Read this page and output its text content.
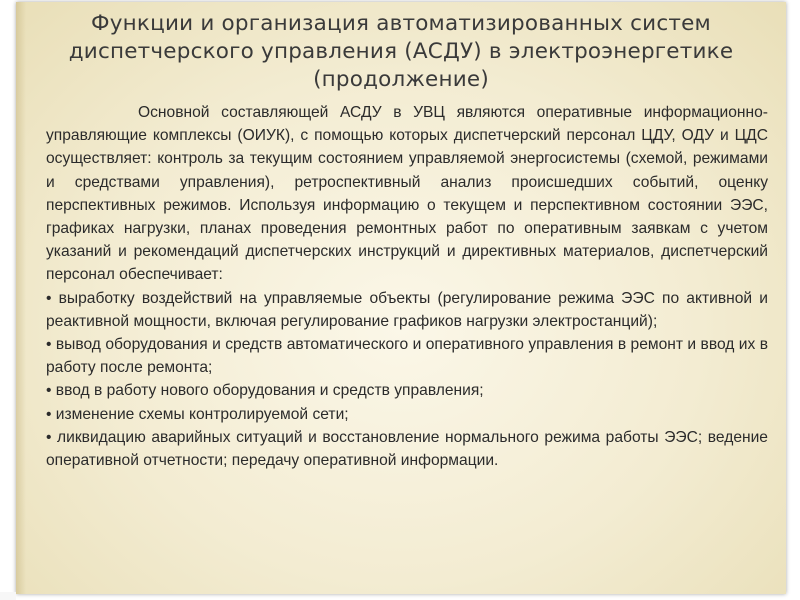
Функции и организация автоматизированных систем
диспетчерского управления (АСДУ) в электроэнергетике
(продолжение)

Основной составляющей АСДУ в УВЦ являются оперативные информационно-управляющие комплексы (ОИУК), с помощью которых диспетчерский персонал ЦДУ, ОДУ и ЦДС осуществляет: контроль за текущим состоянием управляемой энергосистемы (схемой, режимами и средствами управления), ретроспективный анализ происшедших событий, оценку перспективных режимов. Используя информацию о текущем и перспективном состоянии ЭЭС, графиках нагрузки, планах проведения ремонтных работ по оперативным заявкам с учетом указаний и рекомендаций диспетчерских инструкций и директивных материалов, диспетчерский персонал обеспечивает:

• выработку воздействий на управляемые объекты (регулирование режима ЭЭС по активной и реактивной мощности, включая регулирование графиков нагрузки электростанций);

• вывод оборудования и средств автоматического и оперативного управления в ремонт и ввод их в работу после ремонта;

• ввод в работу нового оборудования и средств управления;

• изменение схемы контролируемой сети;

• ликвидацию аварийных ситуаций и восстановление нормального режима работы ЭЭС; ведение оперативной отчетности; передачу оперативной информации.
